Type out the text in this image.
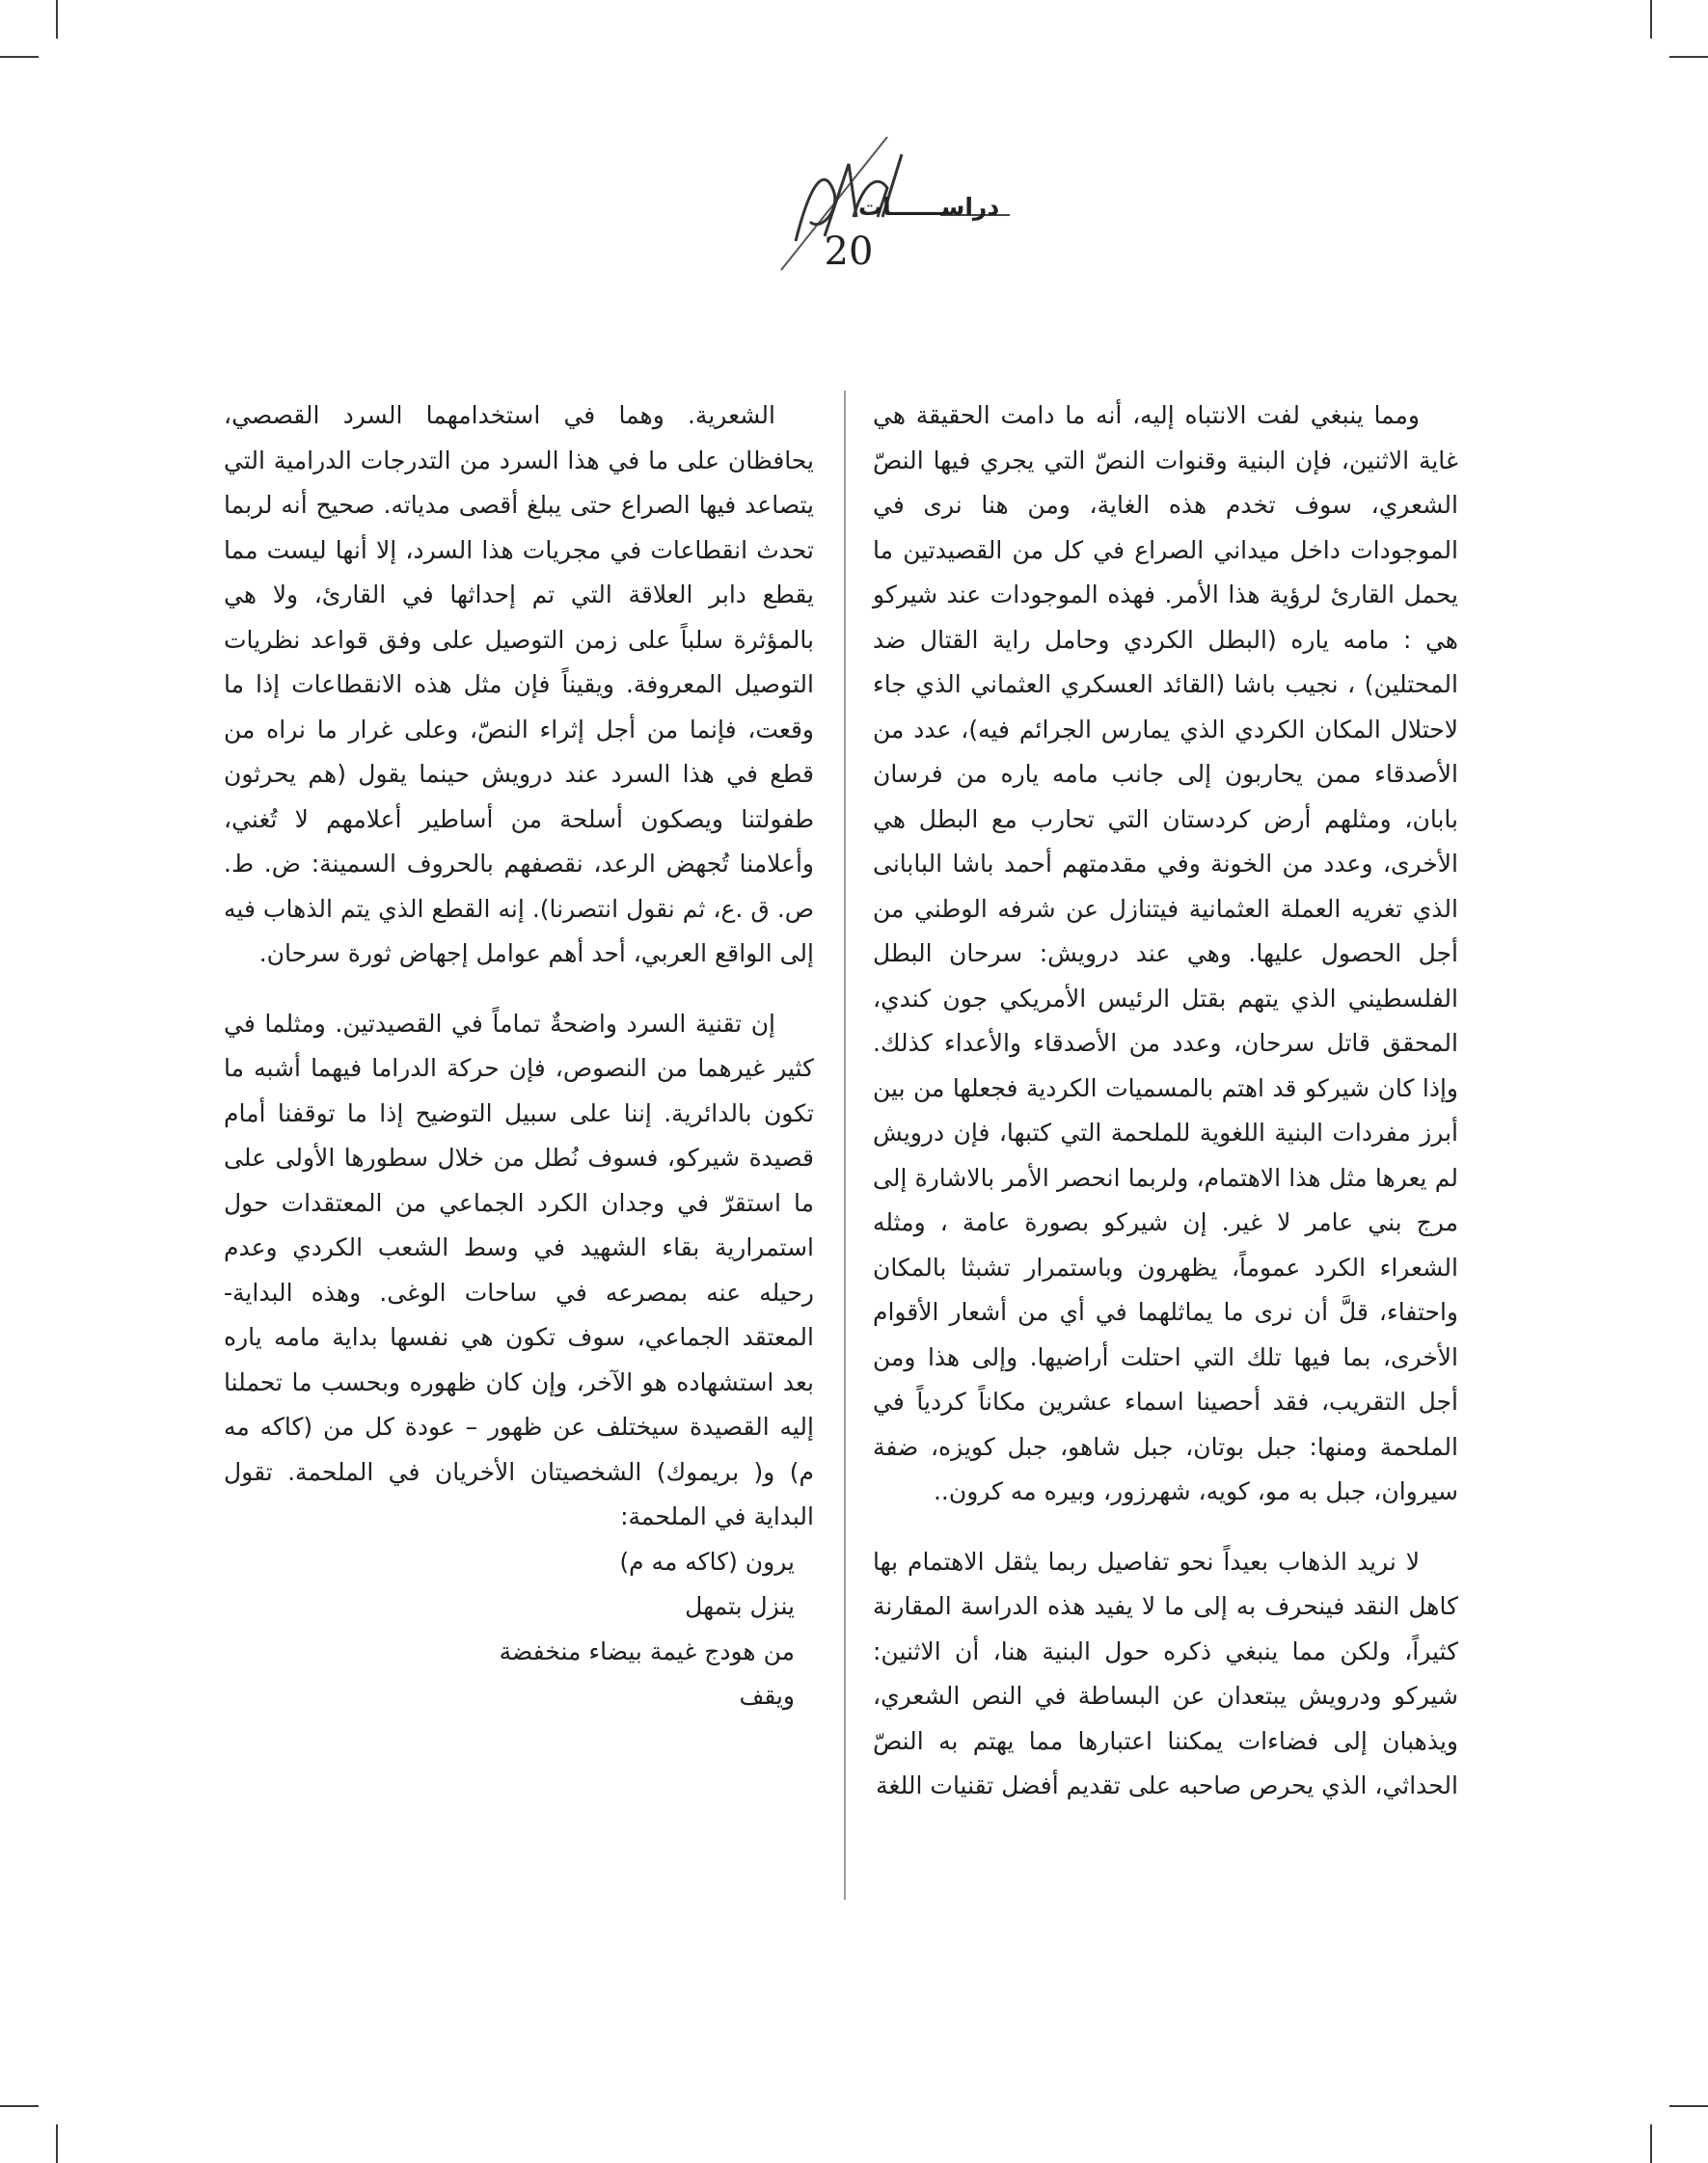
دراســــــات
20

ومما ينبغي لفت الانتباه إليه، أنه ما دامت الحقيقة هي غاية الاثنين، فإن البنية وقنوات النصّ التي يجري فيها النصّ الشعري، سوف تخدم هذه الغاية، ومن هنا نرى في الموجودات داخل ميداني الصراع في كل من القصيدتين ما يحمل القارئ لرؤية هذا الأمر. فهذه الموجودات عند شيركو هي : مامه ياره (البطل الكردي وحامل راية القتال ضد المحتلين) ، نجيب باشا (القائد العسكري العثماني الذي جاء لاحتلال المكان الكردي الذي يمارس الجرائم فيه)، عدد من الأصدقاء ممن يحاربون إلى جانب مامه ياره من فرسان بابان، ومثلهم أرض كردستان التي تحارب مع البطل هي الأخرى، وعدد من الخونة وفي مقدمتهم أحمد باشا البابانى الذي تغريه العملة العثمانية فيتنازل عن شرفه الوطني من أجل الحصول عليها. وهي عند درويش: سرحان البطل الفلسطيني الذي يتهم بقتل الرئيس الأمريكي جون كندي، المحقق قاتل سرحان، وعدد من الأصدقاء والأعداء كذلك. وإذا كان شيركو قد اهتم بالمسميات الكردية فجعلها من بين أبرز مفردات البنية اللغوية للملحمة التي كتبها، فإن درويش لم يعرها مثل هذا الاهتمام، ولربما انحصر الأمر بالاشارة إلى مرج بني عامر لا غير. إن شيركو بصورة عامة ، ومثله الشعراء الكرد عموماً، يظهرون وباستمرار تشبثا بالمكان واحتفاء، قلَّ أن نرى ما يماثلهما في أي من أشعار الأقوام الأخرى، بما فيها تلك التي احتلت أراضيها. وإلى هذا ومن أجل التقريب، فقد أحصينا اسماء عشرين مكاناً كردياً في الملحمة ومنها: جبل بوتان، جبل شاهو، جبل كويزه، ضفة سيروان، جبل به مو، كويه، شهرزور، وبيره مه كرون..

لا نريد الذهاب بعيداً نحو تفاصيل ربما يثقل الاهتمام بها كاهل النقد فينحرف به إلى ما لا يفيد هذه الدراسة المقارنة كثيراً، ولكن مما ينبغي ذكره حول البنية هنا، أن الاثنين: شيركو ودرويش يبتعدان عن البساطة في النص الشعري، ويذهبان إلى فضاءات يمكننا اعتبارها مما يهتم به النصّ الحداثي، الذي يحرص صاحبه على تقديم أفضل تقنيات اللغة

الشعرية. وهما في استخدامهما السرد القصصي، يحافظان على ما في هذا السرد من التدرجات الدرامية التي يتصاعد فيها الصراع حتى يبلغ أقصى مدياته. صحيح أنه لربما تحدث انقطاعات في مجريات هذا السرد، إلا أنها ليست مما يقطع دابر العلاقة التي تم إحداثها في القارئ، ولا هي بالمؤثرة سلباً على زمن التوصيل على وفق قواعد نظريات التوصيل المعروفة. ويقيناً فإن مثل هذه الانقطاعات إذا ما وقعت، فإنما من أجل إثراء النصّ، وعلى غرار ما نراه من قطع في هذا السرد عند درويش حينما يقول (هم يحرثون طفولتنا ويصكون أسلحة من أساطير أعلامهم لا تُغني، وأعلامنا تُجهض الرعد، نقصفهم بالحروف السمينة: ض. ط. ص. ق .ع، ثم نقول انتصرنا). إنه القطع الذي يتم الذهاب فيه إلى الواقع العربي، أحد أهم عوامل إجهاض ثورة سرحان.

إن تقنية السرد واضحةٌ تماماً في القصيدتين. ومثلما في كثير غيرهما من النصوص، فإن حركة الدراما فيهما أشبه ما تكون بالدائرية. إننا على سبيل التوضيح إذا ما توقفنا أمام قصيدة شيركو، فسوف نُطل من خلال سطورها الأولى على ما استقرّ في وجدان الكرد الجماعي من المعتقدات حول استمرارية بقاء الشهيد في وسط الشعب الكردي وعدم رحيله عنه بمصرعه في ساحات الوغى. وهذه البداية- المعتقد الجماعي، سوف تكون هي نفسها بداية مامه ياره بعد استشهاده هو الآخر، وإن كان ظهوره وبحسب ما تحملنا إليه القصيدة سيختلف عن ظهور – عودة كل من (كاكه مه م) و( بريموك) الشخصيتان الأخريان في الملحمة. تقول البداية في الملحمة:

يرون (كاكه مه م)

ينزل بتمهل

من هودج غيمة بيضاء منخفضة

ويقف
